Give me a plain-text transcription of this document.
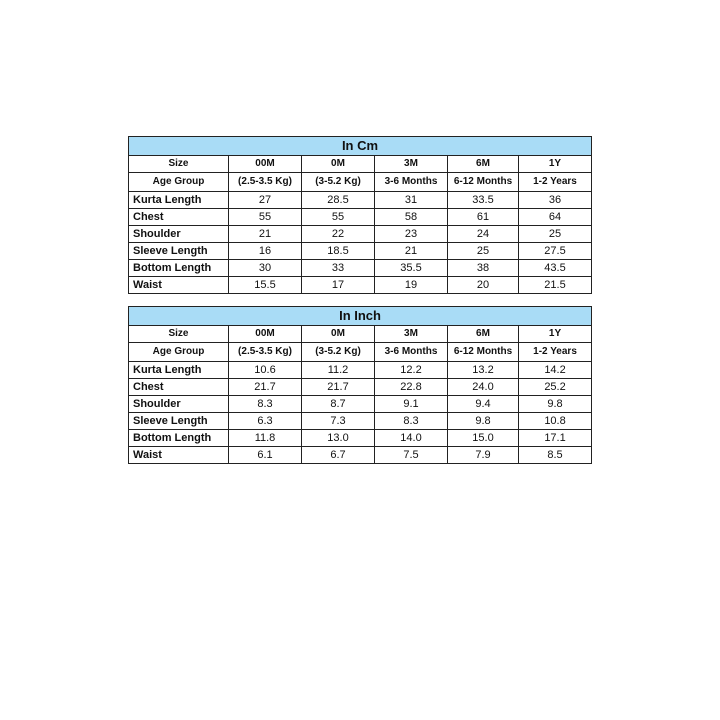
In Cm					
Size	00M	0M	3M	6M	1Y
Age Group	(2.5-3.5 Kg)	(3-5.2 Kg)	3-6 Months	6-12 Months	1-2 Years
Kurta Length	27	28.5	31	33.5	36
Chest	55	55	58	61	64
Shoulder	21	22	23	24	25
Sleeve Length	16	18.5	21	25	27.5
Bottom Length	30	33	35.5	38	43.5
Waist	15.5	17	19	20	21.5
In Inch					
Size	00M	0M	3M	6M	1Y
Age Group	(2.5-3.5 Kg)	(3-5.2 Kg)	3-6 Months	6-12 Months	1-2 Years
Kurta Length	10.6	11.2	12.2	13.2	14.2
Chest	21.7	21.7	22.8	24.0	25.2
Shoulder	8.3	8.7	9.1	9.4	9.8
Sleeve Length	6.3	7.3	8.3	9.8	10.8
Bottom Length	11.8	13.0	14.0	15.0	17.1
Waist	6.1	6.7	7.5	7.9	8.5
